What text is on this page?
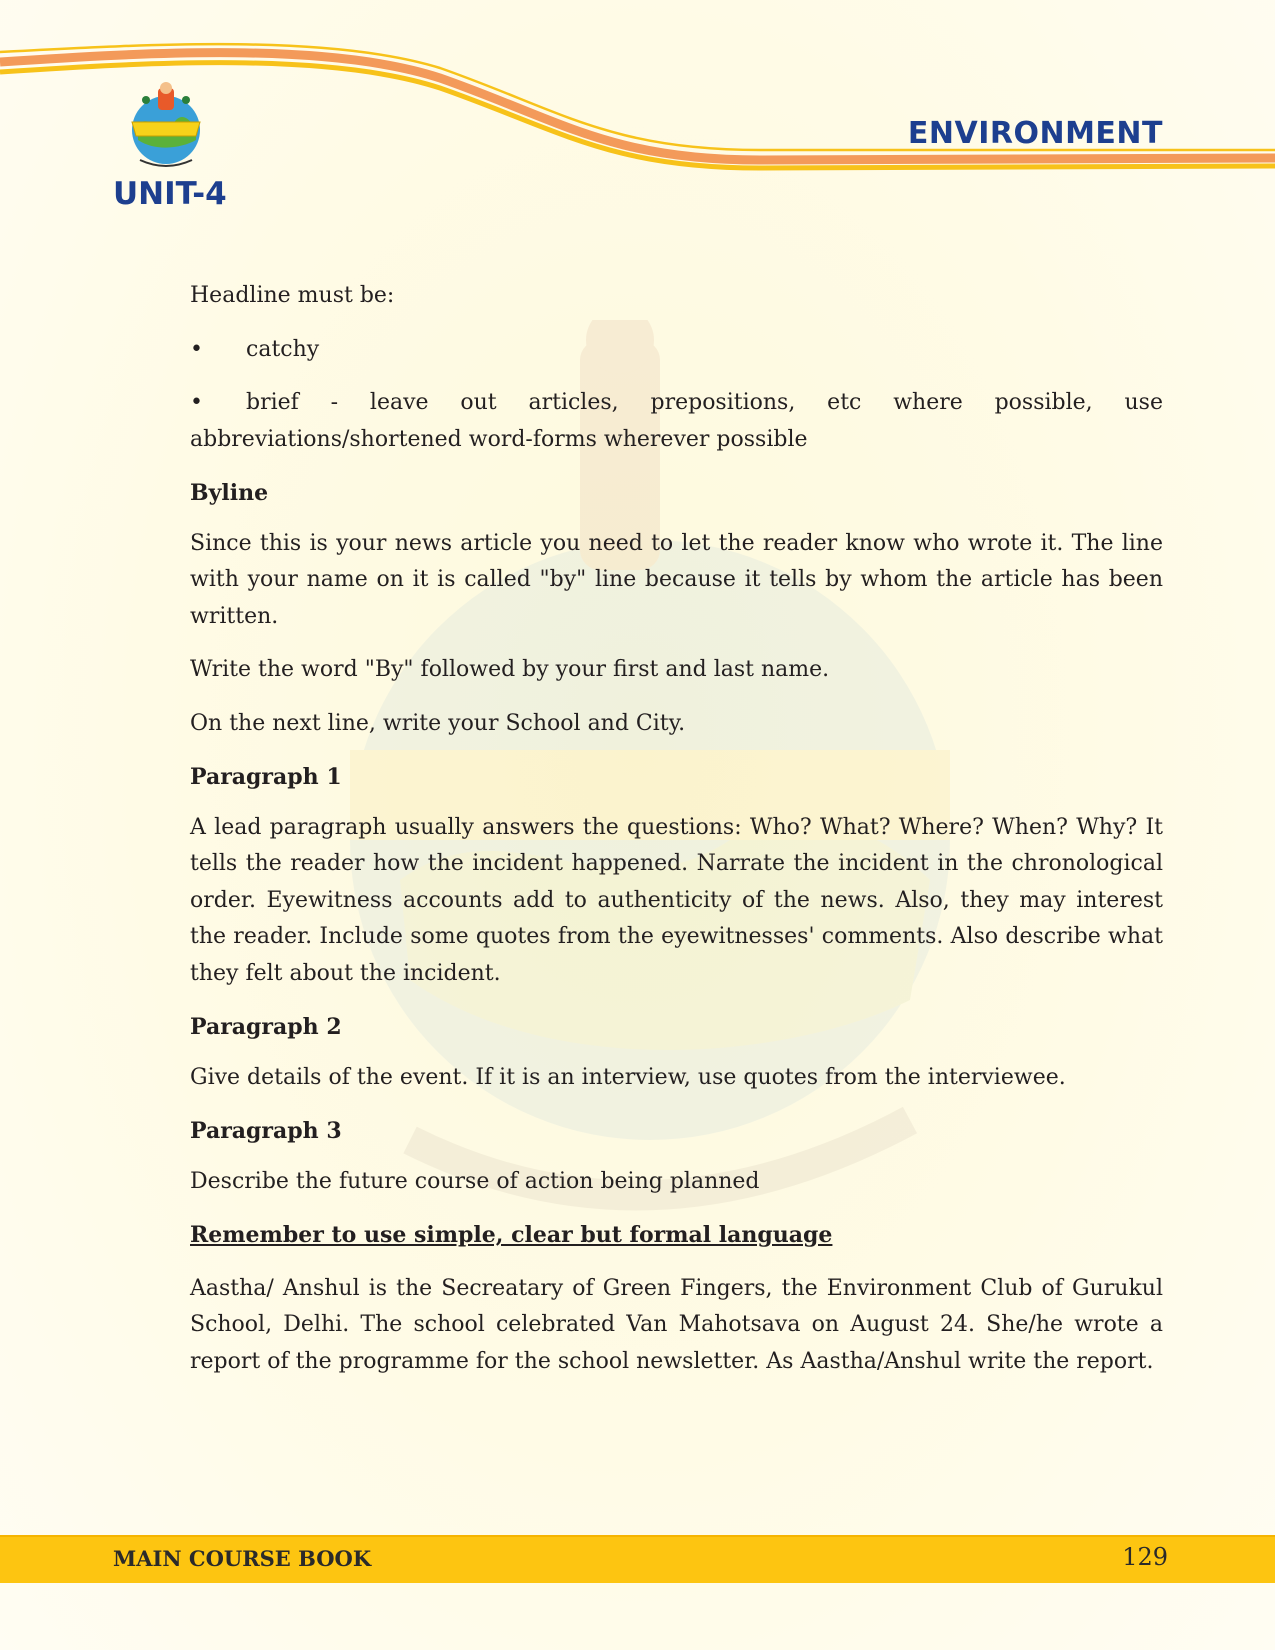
UNIT-4
ENVIRONMENT

Headline must be:

•	catchy
• brief - leave out articles, prepositions, etc where possible, use abbreviations/shortened word-forms wherever possible
Byline

Since this is your news article you need to let the reader know who wrote it. The line with your name on it is called "by" line because it tells by whom the article has been written.

Write the word "By" followed by your first and last name.

On the next line, write your School and City.

Paragraph 1

A lead paragraph usually answers the questions: Who? What? Where? When? Why? It tells the reader how the incident happened. Narrate the incident in the chronological order. Eyewitness accounts add to authenticity of the news. Also, they may interest the reader. Include some quotes from the eyewitnesses' comments. Also describe what they felt about the incident.

Paragraph 2

Give details of the event. If it is an interview, use quotes from the interviewee.

Paragraph 3

Describe the future course of action being planned

Remember to use simple, clear but formal language

Aastha/ Anshul is the Secreatary of Green Fingers, the Environment Club of Gurukul School, Delhi. The school celebrated Van Mahotsava on August 24. She/he wrote a report of the programme for the school newsletter. As Aastha/Anshul write the report.

MAIN COURSE BOOK	129
